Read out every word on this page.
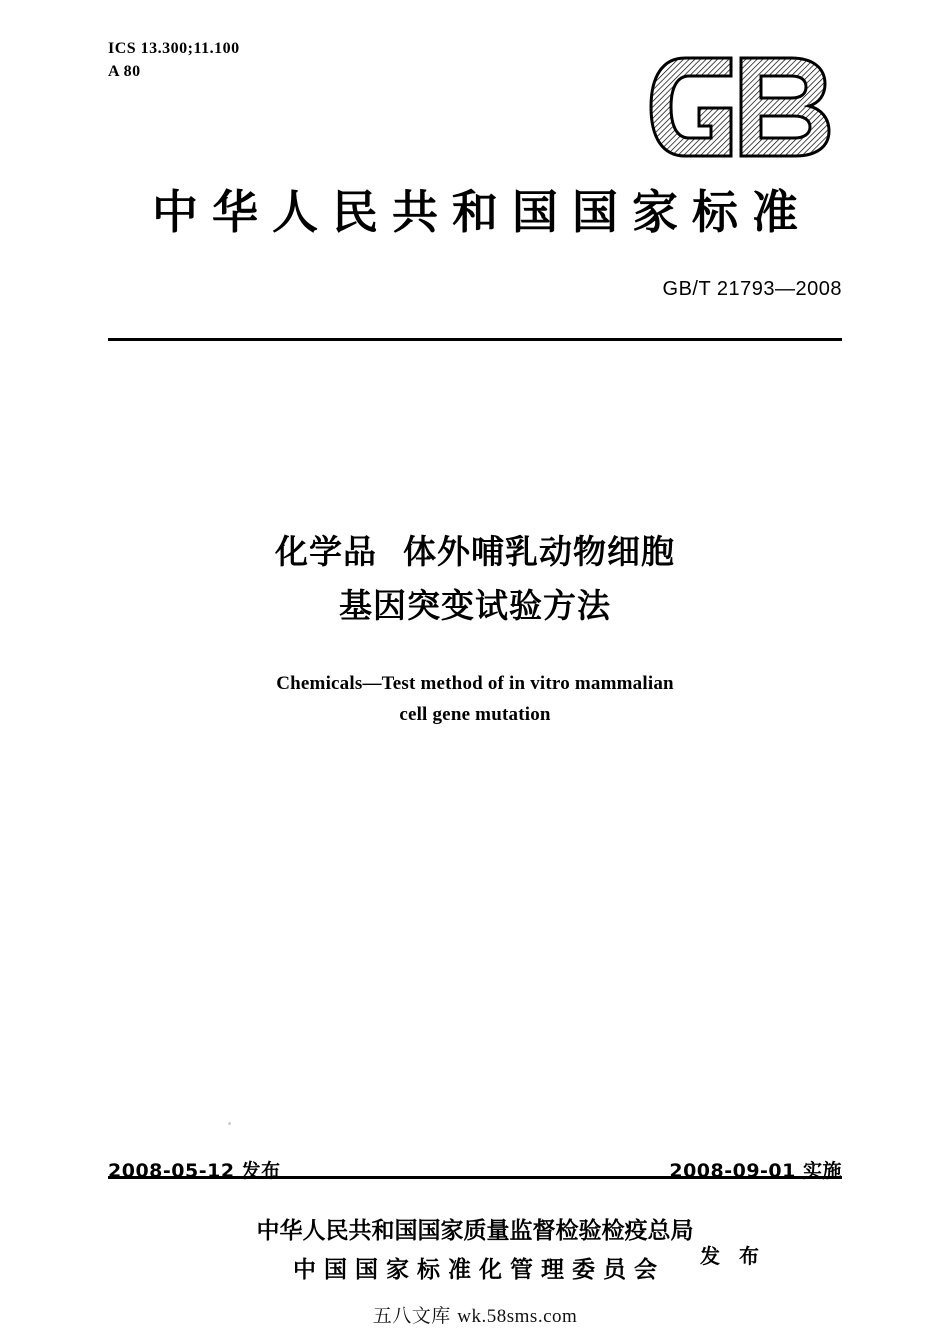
ICS 13.300;11.100
A 80
中华人民共和国国家标准
GB/T 21793—2008
化学品 体外哺乳动物细胞
基因突变试验方法
Chemicals—Test method of in vitro mammalian
cell gene mutation
2008-05-12 发布	2008-09-01 实施
中华人民共和国国家质量监督检验检疫总局
中国国家标准化管理委员会
发 布
五八文库 wk.58sms.com
